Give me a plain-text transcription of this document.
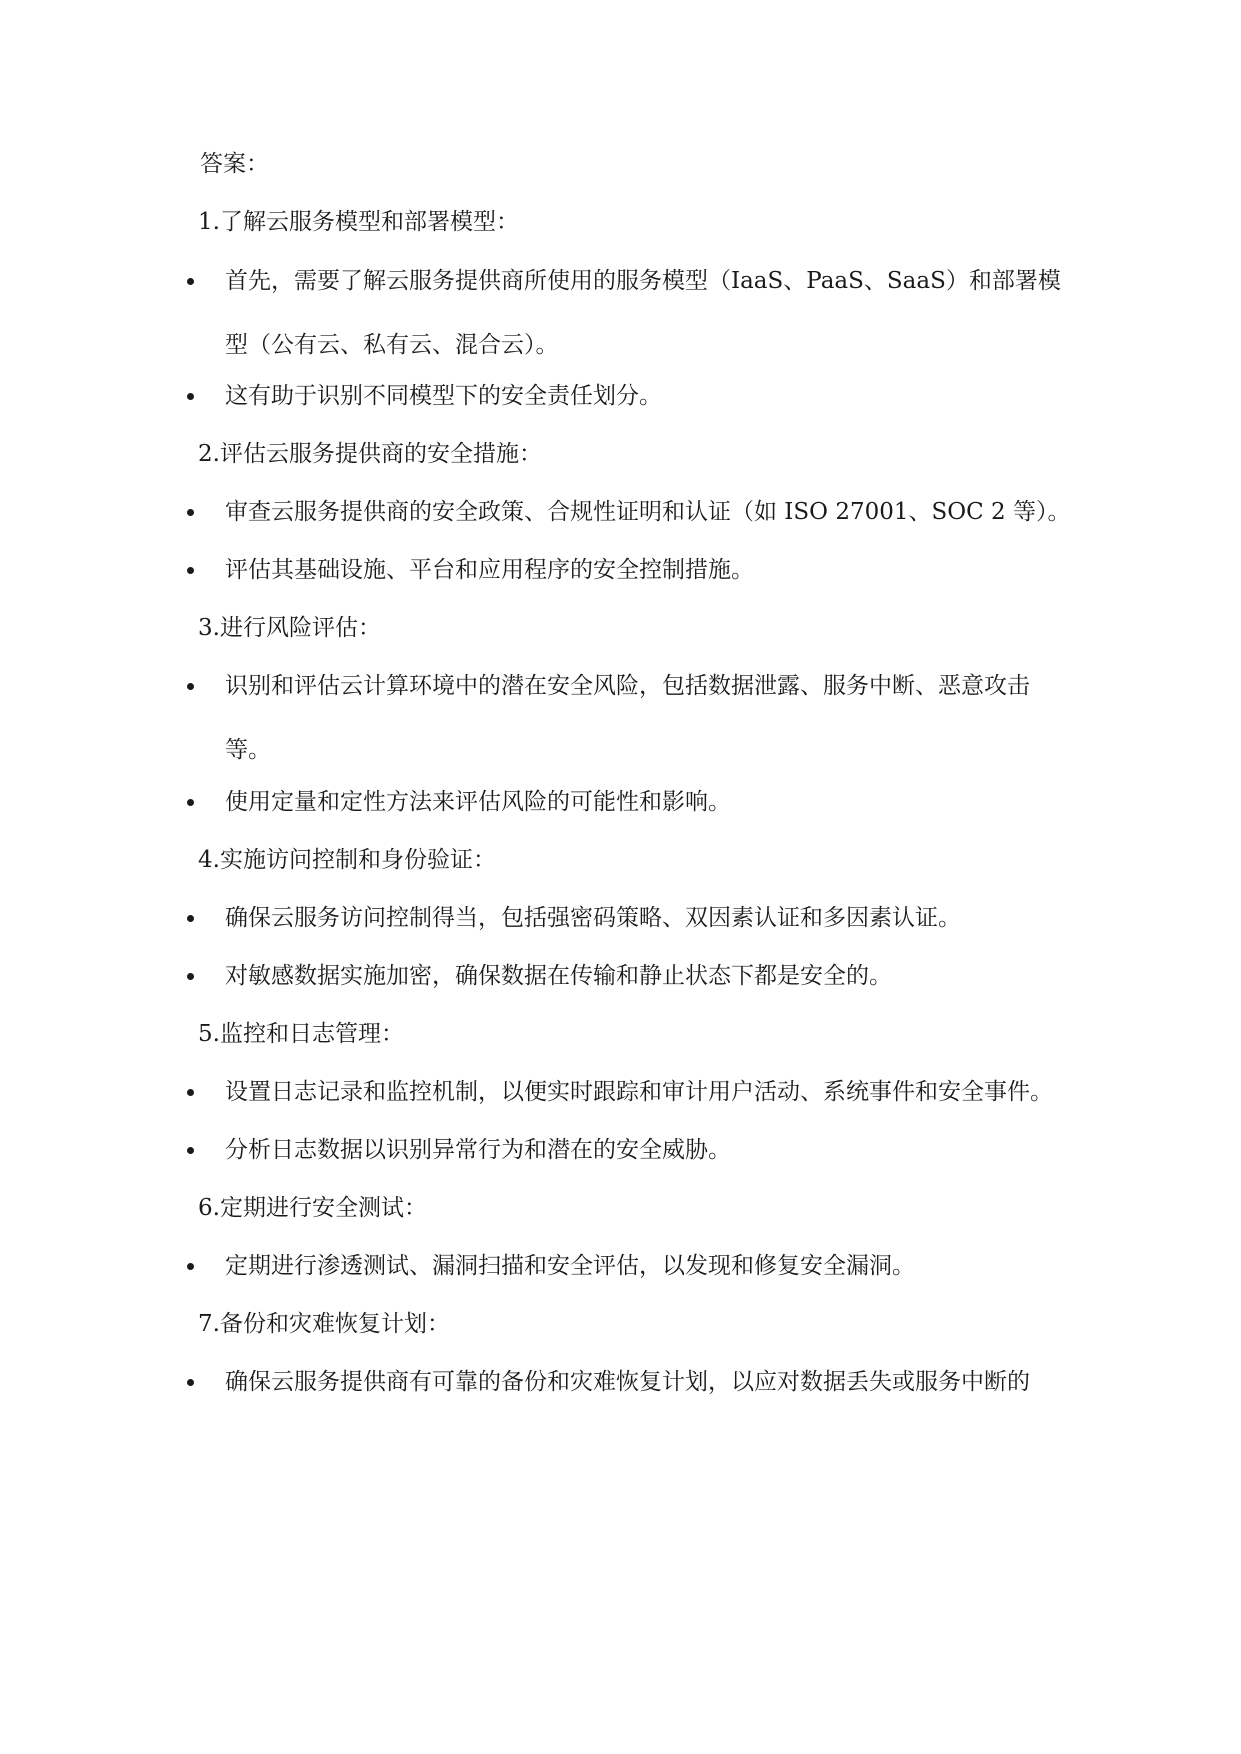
答案：
1.了解云服务模型和部署模型：
首先，需要了解云服务提供商所使用的服务模型（IaaS、PaaS、SaaS）和部署模
型（公有云、私有云、混合云）。
这有助于识别不同模型下的安全责任划分。
2.评估云服务提供商的安全措施：
审查云服务提供商的安全政策、合规性证明和认证（如 ISO 27001、SOC 2 等）。
评估其基础设施、平台和应用程序的安全控制措施。
3.进行风险评估：
识别和评估云计算环境中的潜在安全风险，包括数据泄露、服务中断、恶意攻击
等。
使用定量和定性方法来评估风险的可能性和影响。
4.实施访问控制和身份验证：
确保云服务访问控制得当，包括强密码策略、双因素认证和多因素认证。
对敏感数据实施加密，确保数据在传输和静止状态下都是安全的。
5.监控和日志管理：
设置日志记录和监控机制，以便实时跟踪和审计用户活动、系统事件和安全事件。
分析日志数据以识别异常行为和潜在的安全威胁。
6.定期进行安全测试：
定期进行渗透测试、漏洞扫描和安全评估，以发现和修复安全漏洞。
7.备份和灾难恢复计划：
确保云服务提供商有可靠的备份和灾难恢复计划，以应对数据丢失或服务中断的
